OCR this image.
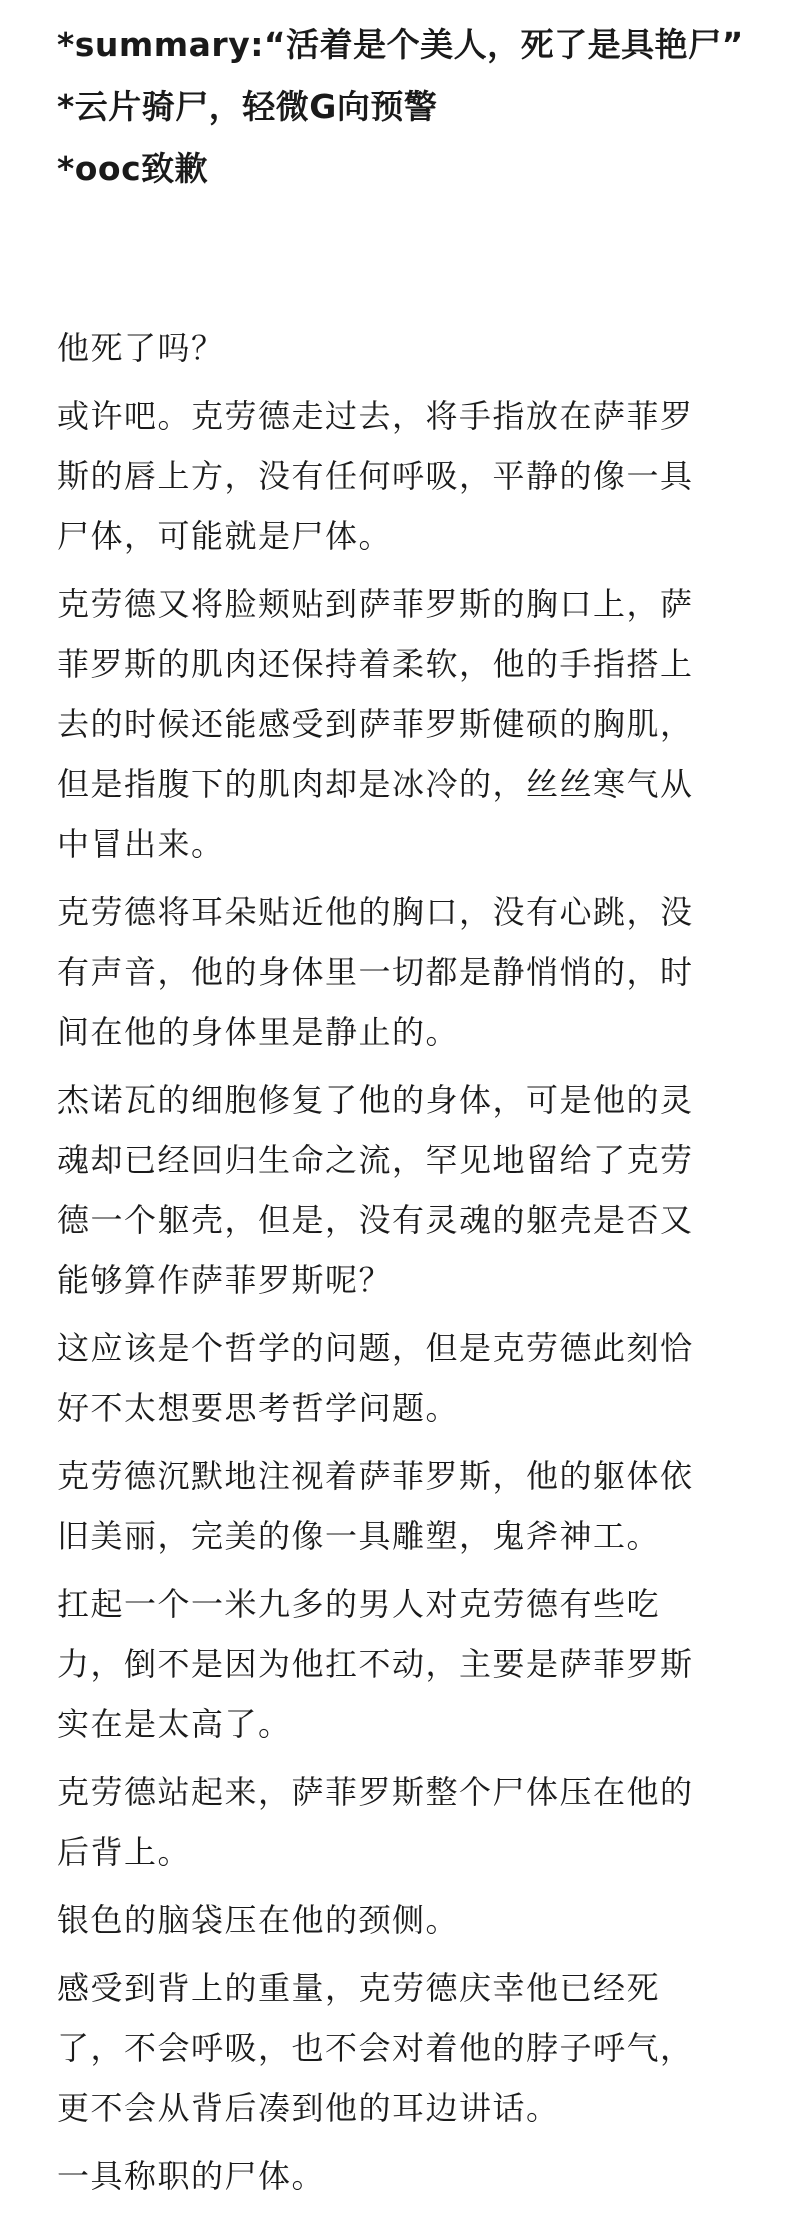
*summary:“活着是个美人，死了是具艳尸”
*云片骑尸，轻微G向预警
*ooc致歉
他死了吗？
或许吧。克劳德走过去，将手指放在萨菲罗
斯的唇上方，没有任何呼吸，平静的像一具
尸体，可能就是尸体。
克劳德又将脸颊贴到萨菲罗斯的胸口上，萨
菲罗斯的肌肉还保持着柔软，他的手指搭上
去的时候还能感受到萨菲罗斯健硕的胸肌，
但是指腹下的肌肉却是冰冷的，丝丝寒气从
中冒出来。
克劳德将耳朵贴近他的胸口，没有心跳，没
有声音，他的身体里一切都是静悄悄的，时
间在他的身体里是静止的。
杰诺瓦的细胞修复了他的身体，可是他的灵
魂却已经回归生命之流，罕见地留给了克劳
德一个躯壳，但是，没有灵魂的躯壳是否又
能够算作萨菲罗斯呢？
这应该是个哲学的问题，但是克劳德此刻恰
好不太想要思考哲学问题。
克劳德沉默地注视着萨菲罗斯，他的躯体依
旧美丽，完美的像一具雕塑，鬼斧神工。
扛起一个一米九多的男人对克劳德有些吃
力，倒不是因为他扛不动，主要是萨菲罗斯
实在是太高了。
克劳德站起来，萨菲罗斯整个尸体压在他的
后背上。
银色的脑袋压在他的颈侧。
感受到背上的重量，克劳德庆幸他已经死
了，不会呼吸，也不会对着他的脖子呼气，
更不会从背后凑到他的耳边讲话。
一具称职的尸体。
